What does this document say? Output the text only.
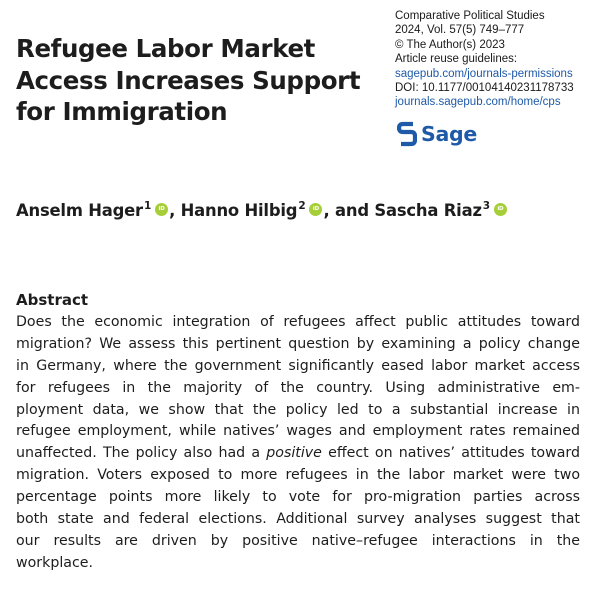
Refugee Labor Market
Access Increases Support
for Immigration
Comparative Political Studies
2024, Vol. 57(5) 749–777
© The Author(s) 2023
Article reuse guidelines:
sagepub.com/journals-permissions
DOI: 10.1177/00104140231178733
journals.sagepub.com/home/cps
Sage
Anselm Hager$^1$	iD , Hanno Hilbig$^2$	iD , and Sascha Riaz$^3$	iD
Abstract
Does the economic integration of refugees affect public attitudes toward
migration? We assess this pertinent question by examining a policy change
in Germany, where the government significantly eased labor market access
for refugees in the majority of the country. Using administrative em-
ployment data, we show that the policy led to a substantial increase in
refugee employment, while natives’ wages and employment rates remained
unaffected. The policy also had a positive effect on natives’ attitudes toward
migration. Voters exposed to more refugees in the labor market were two
percentage points more likely to vote for pro-migration parties across
both state and federal elections. Additional survey analyses suggest that
our results are driven by positive native–refugee interactions in the
workplace.
